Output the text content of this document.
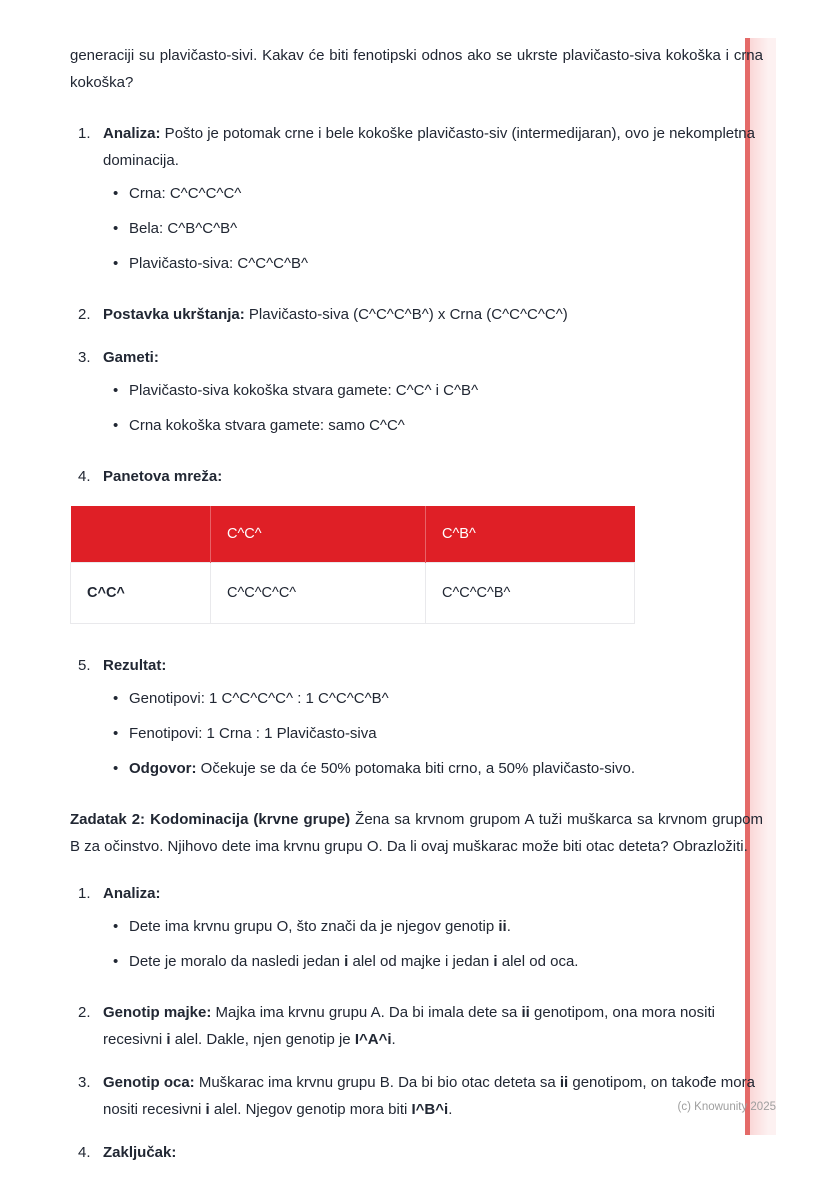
(c) Knowunity 2025

generaciji su plavičasto-sivi. Kakav će biti fenotipski odnos ako se ukrste plavičasto-siva kokoška i crna kokoška?

1. Analiza: Pošto je potomak crne i bele kokoške plavičasto-siv (intermedijaran), ovo je nekompletna dominacija.

• Crna: C^C^C^C^
• Bela: C^B^C^B^
• Plavičasto-siva: C^C^C^B^
2. Postavka ukrštanja: Plavičasto-siva (C^C^C^B^) x Crna (C^C^C^C^)

3. Gameti:

• Plavičasto-siva kokoška stvara gamete: C^C^ i C^B^
• Crna kokoška stvara gamete: samo C^C^
4. Panetova mreža:

	C^C^	C^B^
C^C^	C^C^C^C^	C^C^C^B^
5. Rezultat:

• Genotipovi: 1 C^C^C^C^ : 1 C^C^C^B^
• Fenotipovi: 1 Crna : 1 Plavičasto-siva
• Odgovor: Očekuje se da će 50% potomaka biti crno, a 50% plavičasto-sivo.

Zadatak 2: Kodominacija (krvne grupe) Žena sa krvnom grupom A tuži muškarca sa krvnom grupom B za očinstvo. Njihovo dete ima krvnu grupu O. Da li ovaj muškarac može biti otac deteta? Obrazložiti.

1. Analiza:

• Dete ima krvnu grupu O, što znači da je njegov genotip ii.
• Dete je moralo da nasledi jedan i alel od majke i jedan i alel od oca.
2. Genotip majke: Majka ima krvnu grupu A. Da bi imala dete sa ii genotipom, ona mora nositi recesivni i alel. Dakle, njen genotip je I^A^i.

3. Genotip oca: Muškarac ima krvnu grupu B. Da bi bio otac deteta sa ii genotipom, on takođe mora nositi recesivni i alel. Njegov genotip mora biti I^B^i.

4. Zaključak:
